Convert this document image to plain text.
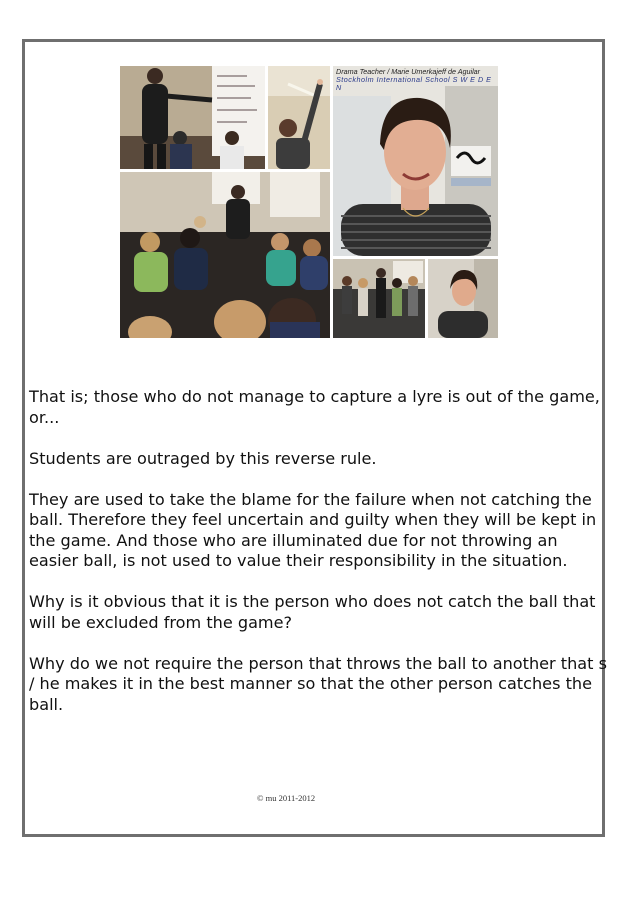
Drama Teacher / Marie Umerkajeff de Aguilar
Stockholm International School S W E D E N

That is; those who do not manage to capture a lyre is out of the game, or...

Students are outraged by this reverse rule.

They are used to take the blame for the failure when not catching the ball. Therefore they feel uncertain and guilty when they will be kept in the game. And those who are illuminated due for not throwing an easier ball, is not used to value their responsibility in the situation.

Why is it obvious that it is the person who does not catch the ball that will be excluded from the game?

Why do we not require the person that throws the ball to another that s / he makes it in the best manner so that the other person catches the ball.

© mu 2011-2012
